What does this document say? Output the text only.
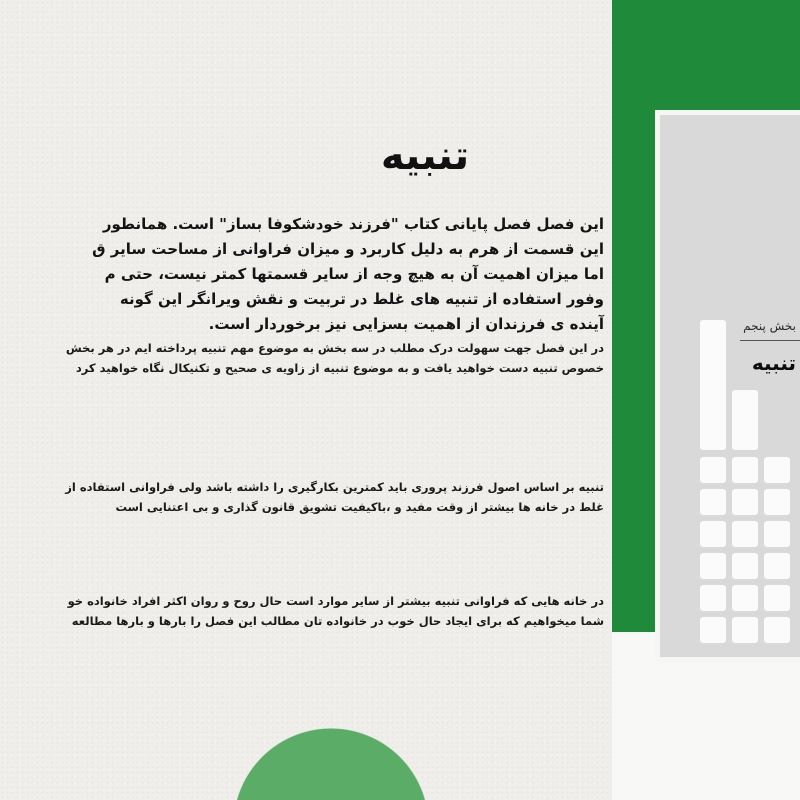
تنبیه
این فصل فصل پایانی کتاب "فرزند خودشکوفا بساز" است. همانطور
این قسمت از هرم به دلیل کاربرد و میزان فراوانی از مساحت سایر ق
اما میزان اهمیت آن به هیچ وجه از سایر قسمتها کمتر نیست، حتی م
وفور استفاده از تنبیه های غلط در تربیت و نقش ویرانگر این گونه
آینده ی فرزندان از اهمیت بسزایی نیز برخوردار است.
در این فصل جهت سهولت درک مطلب در سه بخش به موضوع مهم تنبیه پرداخته ایم در هر بخش
خصوص تنبیه دست خواهید یافت و به موضوع تنبیه از زاویه ی صحیح و تکنیکال نگاه خواهید کرد
تنبیه بر اساس اصول فرزند پروری باید کمترین بکارگیری را داشته باشد ولی فراوانی استفاده از
غلط در خانه ها بیشتر از وقت مفید و ،باکیفیت تشویق قانون گذاری و بی اعتنایی است
در خانه هایی که فراوانی تنبیه بیشتر از سایر موارد است حال روح و روان اکثر افراد خانواده خو
شما میخواهیم که برای ایجاد حال خوب در خانواده تان مطالب این فصل را بارها و بارها مطالعه
بخش پنجم
تنبیه
